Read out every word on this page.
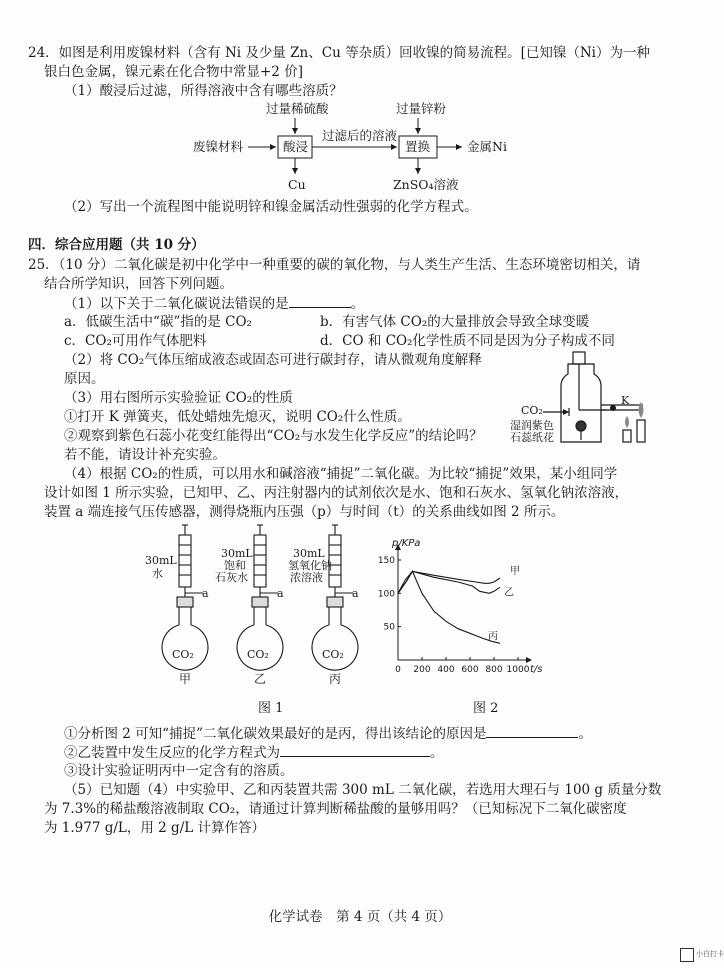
24．如图是利用废镍材料（含有 Ni 及少量 Zn、Cu 等杂质）回收镍的简易流程。[已知镍（Ni）为一种
银白色金属，镍元素在化合物中常显+2 价]
（1）酸浸后过滤，所得溶液中含有哪些溶质？
过量稀硫酸	过量锌粉
废镍材料	酸浸
过滤后的溶液
置换	金属Ni
Cu	ZnSO₄溶液
（2）写出一个流程图中能说明锌和镍金属活动性强弱的化学方程式。
四．综合应用题（共 10 分）
25．（10 分）二氧化碳是初中化学中一种重要的碳的氧化物，与人类生产生活、生态环境密切相关，请
结合所学知识，回答下列问题。
（1）以下关于二氧化碳说法错误的是	。
a．低碳生活中“碳”指的是 CO₂	b．有害气体 CO₂的大量排放会导致全球变暖
c．CO₂可用作气体肥料	d．CO 和 CO₂化学性质不同是因为分子构成不同
（2）将 CO₂气体压缩成液态或固态可进行碳封存，请从微观角度解释
原因。
（3）用右图所示实验验证 CO₂的性质
①打开 K 弹簧夹，低处蜡烛先熄灭，说明 CO₂什么性质。
②观察到紫色石蕊小花变红能得出“CO₂与水发生化学反应”的结论吗？
若不能，请设计补充实验。
CO₂
K
湿润紫色
石蕊纸花
（4）根据 CO₂的性质，可以用水和碱溶液“捕捉”二氧化碳。为比较“捕捉”效果，某小组同学
设计如图 1 所示实验，已知甲、乙、丙注射器内的试剂依次是水、饱和石灰水、氢氧化钠浓溶液，
装置 a 端连接气压传感器，测得烧瓶内压强（p）与时间（t）的关系曲线如图 2 所示。
30mL
水
30mL
饱和
石灰水
30mL
氢氧化钠
浓溶液
a	a	a
CO₂	CO₂	CO₂
甲	乙	丙
图 1
0 200 400 600 800 1000
50
100
150
p/KPa
t/s
甲
乙
丙
图 2
①分析图 2 可知“捕捉”二氧化碳效果最好的是丙，得出该结论的原因是	。
②乙装置中发生反应的化学方程式为	。
③设计实验证明丙中一定含有的溶质。
（5）已知题（4）中实验甲、乙和丙装置共需 300 mL 二氧化碳，若选用大理石与 100 g 质量分数
为 7.3%的稀盐酸溶液制取 CO₂，请通过计算判断稀盐酸的量够用吗？（已知标况下二氧化碳密度
为 1.977 g/L，用 2 g/L 计算作答）
化学试卷　第 4 页（共 4 页）
小白打卡
